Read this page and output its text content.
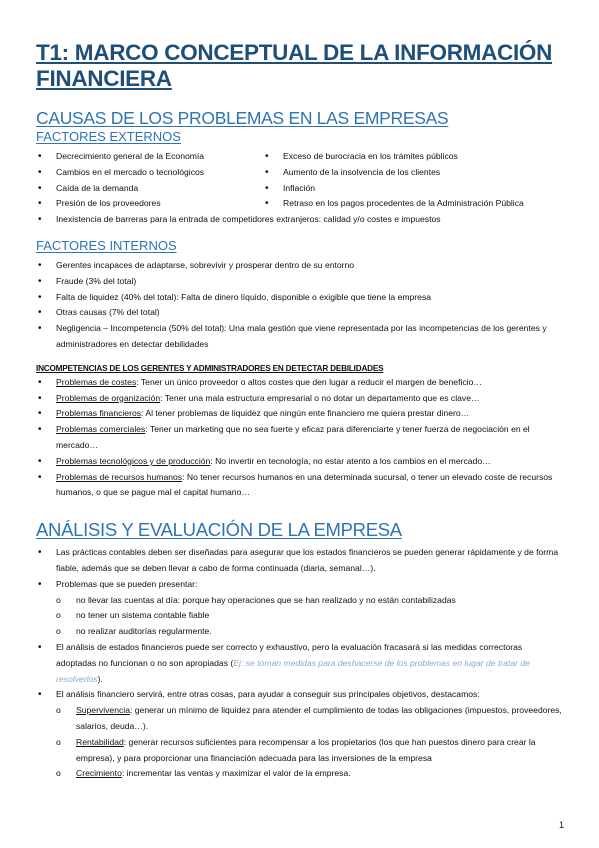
T1: MARCO CONCEPTUAL DE LA INFORMACIÓN FINANCIERA
CAUSAS DE LOS PROBLEMAS EN LAS EMPRESAS
FACTORES EXTERNOS
• Decrecimiento general de la Economía
• Cambios en el mercado o tecnológicos
• Caída de la demanda
• Presión de los proveedores
• Exceso de burocracia en los trámites públicos
• Aumento de la insolvencia de los clientes
• Inflación
• Retraso en los pagos procedentes de la Administración Pública
• Inexistencia de barreras para la entrada de competidores extranjeros: calidad y/o costes e impuestos
FACTORES INTERNOS
• Gerentes incapaces de adaptarse, sobrevivir y prosperar dentro de su entorno
• Fraude (3% del total)
• Falta de liquidez (40% del total): Falta de dinero líquido, disponible o exigible que tiene la empresa
• Otras causas (7% del total)
• Negligencia – Incompetencia (50% del total): Una mala gestión que viene representada por las incompetencias de los gerentes y administradores en detectar debilidades
INCOMPETENCIAS DE LOS GERENTES Y ADMINISTRADORES EN DETECTAR DEBILIDADES
• Problemas de costes: Tener un único proveedor o altos costes que den lugar a reducir el margen de beneficio…
• Problemas de organización: Tener una mala estructura empresarial o no dotar un departamento que es clave…
• Problemas financieros: Al tener problemas de liquidez que ningún ente financiero me quiera prestar dinero…
• Problemas comerciales: Tener un marketing que no sea fuerte y eficaz para diferenciarte y tener fuerza de negociación en el mercado…
• Problemas tecnológicos y de producción: No invertir en tecnología, no estar atento a los cambios en el mercado…
• Problemas de recursos humanos: No tener recursos humanos en una determinada sucursal, o tener un elevado coste de recursos humanos, o que se pague mal el capital humano…
ANÁLISIS Y EVALUACIÓN DE LA EMPRESA
• Las prácticas contables deben ser diseñadas para asegurar que los estados financieros se pueden generar rápidamente y de forma fiable, además que se deben llevar a cabo de forma continuada (diaria, semanal…).
• Problemas que se pueden presentar:
o no llevar las cuentas al día: porque hay operaciones que se han realizado y no están contabilizadas
o no tener un sistema contable fiable
o no realizar auditorías regularmente.
• El análisis de estados financieros puede ser correcto y exhaustivo, pero la evaluación fracasará si las medidas correctoras adoptadas no funcionan o no son apropiadas (Ej: se toman medidas para deshacerse de los problemas en lugar de tratar de resolverlos).
• El análisis financiero servirá, entre otras cosas, para ayudar a conseguir sus principales objetivos, destacamos:
o Supervivencia: generar un mínimo de liquidez para atender el cumplimiento de todas las obligaciones (impuestos, proveedores, salarios, deuda…).
o Rentabilidad: generar recursos suficientes para recompensar a los propietarios (los que han puestos dinero para crear la empresa), y para proporcionar una financiación adecuada para las inversiones de la empresa
o Crecimiento: incrementar las ventas y maximizar el valor de la empresa.
1
